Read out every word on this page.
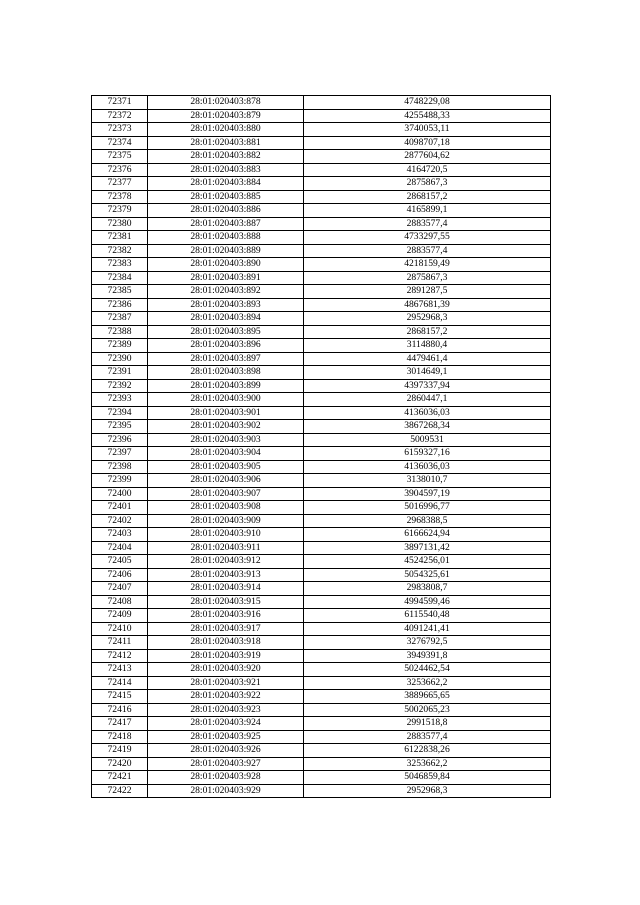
72371	28:01:020403:878	4748229,08
72372	28:01:020403:879	4255488,33
72373	28:01:020403:880	3740053,11
72374	28:01:020403:881	4098707,18
72375	28:01:020403:882	2877604,62
72376	28:01:020403:883	4164720,5
72377	28:01:020403:884	2875867,3
72378	28:01:020403:885	2868157,2
72379	28:01:020403:886	4165899,1
72380	28:01:020403:887	2883577,4
72381	28:01:020403:888	4733297,55
72382	28:01:020403:889	2883577,4
72383	28:01:020403:890	4218159,49
72384	28:01:020403:891	2875867,3
72385	28:01:020403:892	2891287,5
72386	28:01:020403:893	4867681,39
72387	28:01:020403:894	2952968,3
72388	28:01:020403:895	2868157,2
72389	28:01:020403:896	3114880,4
72390	28:01:020403:897	4479461,4
72391	28:01:020403:898	3014649,1
72392	28:01:020403:899	4397337,94
72393	28:01:020403:900	2860447,1
72394	28:01:020403:901	4136036,03
72395	28:01:020403:902	3867268,34
72396	28:01:020403:903	5009531
72397	28:01:020403:904	6159327,16
72398	28:01:020403:905	4136036,03
72399	28:01:020403:906	3138010,7
72400	28:01:020403:907	3904597,19
72401	28:01:020403:908	5016996,77
72402	28:01:020403:909	2968388,5
72403	28:01:020403:910	6166624,94
72404	28:01:020403:911	3897131,42
72405	28:01:020403:912	4524256,01
72406	28:01:020403:913	5054325,61
72407	28:01:020403:914	2983808,7
72408	28:01:020403:915	4994599,46
72409	28:01:020403:916	6115540,48
72410	28:01:020403:917	4091241,41
72411	28:01:020403:918	3276792,5
72412	28:01:020403:919	3949391,8
72413	28:01:020403:920	5024462,54
72414	28:01:020403:921	3253662,2
72415	28:01:020403:922	3889665,65
72416	28:01:020403:923	5002065,23
72417	28:01:020403:924	2991518,8
72418	28:01:020403:925	2883577,4
72419	28:01:020403:926	6122838,26
72420	28:01:020403:927	3253662,2
72421	28:01:020403:928	5046859,84
72422	28:01:020403:929	2952968,3
